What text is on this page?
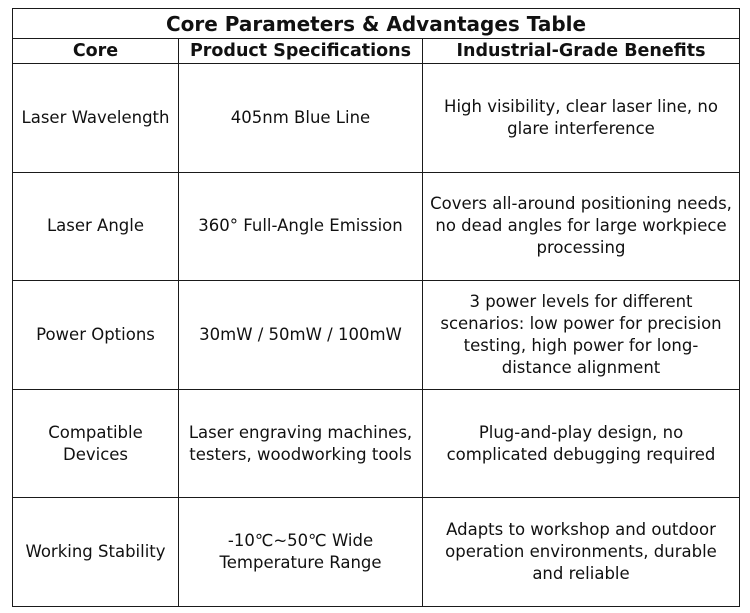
Core Parameters & Advantages Table		
Core	Product Specifications	Industrial-Grade Benefits
Laser Wavelength	405nm Blue Line	High visibility, clear laser line, no glare interference
Laser Angle	360° Full-Angle Emission	Covers all-around positioning needs, no dead angles for large workpiece processing
Power Options	30mW / 50mW / 100mW	3 power levels for different scenarios: low power for precision testing, high power for long-distance alignment
Compatible Devices	Laser engraving machines, testers, woodworking tools	Plug-and-play design, no complicated debugging required
Working Stability	-10℃~50℃ Wide Temperature Range	Adapts to workshop and outdoor operation environments, durable and reliable
